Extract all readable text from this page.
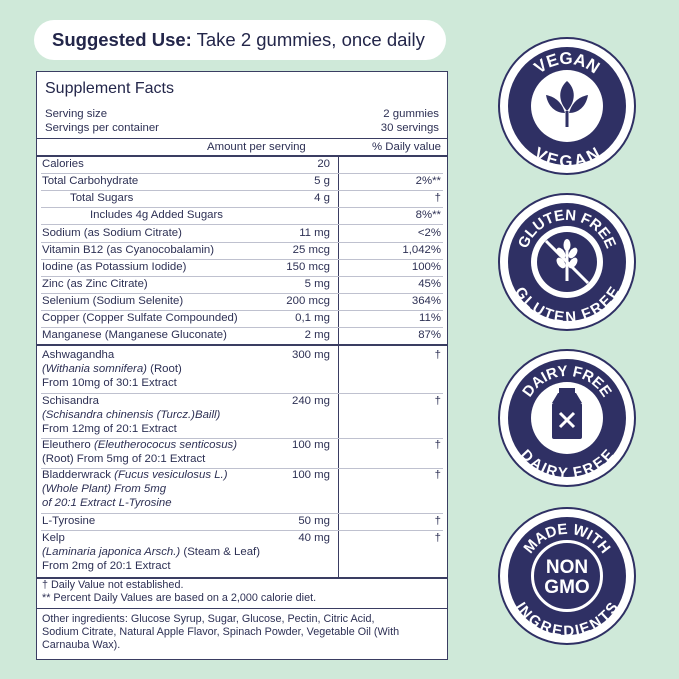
Suggested Use: Take 2 gummies, once daily
Supplement Facts
Serving size	2 gummies
Servings per container	30 servings
Amount per serving	% Daily value
Calories	20
Total Carbohydrate	5 g	2%**
Total Sugars	4 g	†
Includes 4g Added Sugars	8%**
Sodium (as Sodium Citrate)	11 mg	<2%
Vitamin B12 (as Cyanocobalamin)	25 mcg	1,042%
Iodine (as Potassium Iodide)	150 mcg	100%
Zinc (as Zinc Citrate)	5 mg	45%
Selenium (Sodium Selenite)	200 mcg	364%
Copper (Copper Sulfate Compounded)	0,1 mg	11%
Manganese (Manganese Gluconate)	2 mg	87%
Ashwagandha
(Withania somnifera) (Root)
From 10mg of 30:1 Extract
300 mg	†
Schisandra
(Schisandra chinensis (Turcz.)Baill)
From 12mg of 20:1 Extract
240 mg	†
Eleuthero (Eleutherococus senticosus)
(Root) From 5mg of 20:1 Extract
100 mg	†
Bladderwrack (Fucus vesiculosus L.)
(Whole Plant) From 5mg
of 20:1 Extract L-Tyrosine
100 mg	†
L-Tyrosine	50 mg	†
Kelp
(Laminaria japonica Arsch.) (Steam & Leaf)
From 2mg of 20:1 Extract
40 mg	†
† Daily Value not established.
** Percent Daily Values are based on a 2,000 calorie diet.
Other ingredients: Glucose Syrup, Sugar, Glucose, Pectin, Citric Acid,
Sodium Citrate, Natural Apple Flavor, Spinach Powder, Vegetable Oil (With
Carnauba Wax).
VEGAN
VEGAN
GLUTEN FREE
GLUTEN FREE
DAIRY FREE
DAIRY FREE
MADE WITH
INGREDIENTS
NON
GMO
